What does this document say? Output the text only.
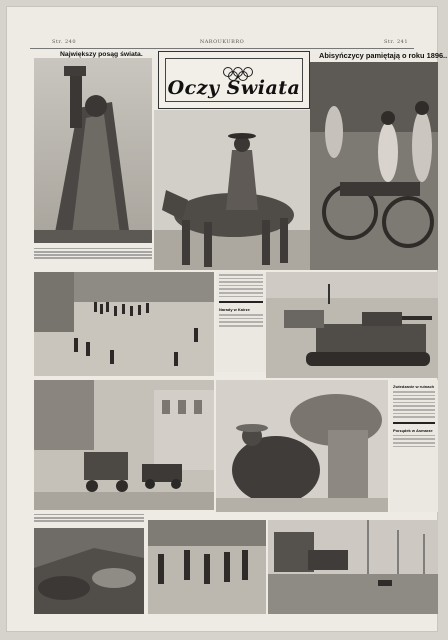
Str. 240	NAROUKUBRO	Str. 241
Największy posąg świata.	Abisyńczycy pamiętają o roku 1896..
Oczy Świata
Narady w Kairze
Zwiedzanie w ruinach
Porządek w Asmarze
